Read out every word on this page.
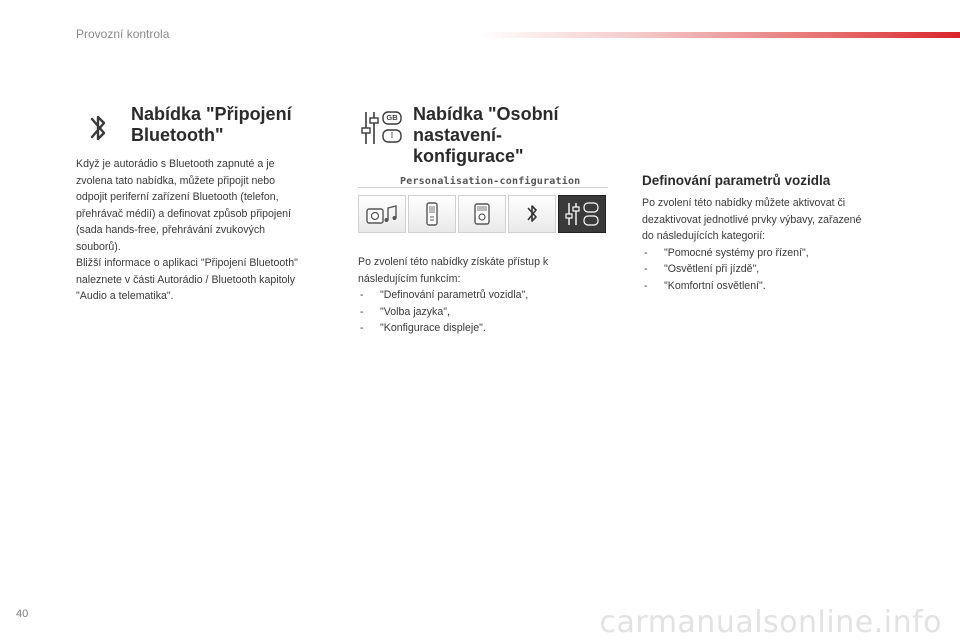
Provozní kontrola

Nabídka "Připojení

Bluetooth"

Když je autorádio s Bluetooth zapnuté a je

zvolena tato nabídka, můžete připojit nebo

odpojit periferní zařízení Bluetooth (telefon,

přehrávač médií) a definovat způsob připojení

(sada hands-free, přehrávání zvukových

souborů).

Bližší informace o aplikaci "Připojení Bluetooth"

naleznete v části Autorádio / Bluetooth kapitoly

"Audio a telematika".

GB
I

Nabídka "Osobní

nastavení-

konfigurace"

Personalisation-configuration

Po zvolení této nabídky získáte přístup k

následujícím funkcím:

- "Definování parametrů vozidla",
- "Volba jazyka",
- "Konfigurace displeje".

Definování parametrů vozidla

Po zvolení této nabídky můžete aktivovat či

dezaktivovat jednotlivé prvky výbavy, zařazené

do následujících kategorií:

- "Pomocné systémy pro řízení",
- "Osvětlení při jízdě",
- "Komfortní osvětlení".
40	carmanualsonline.info
